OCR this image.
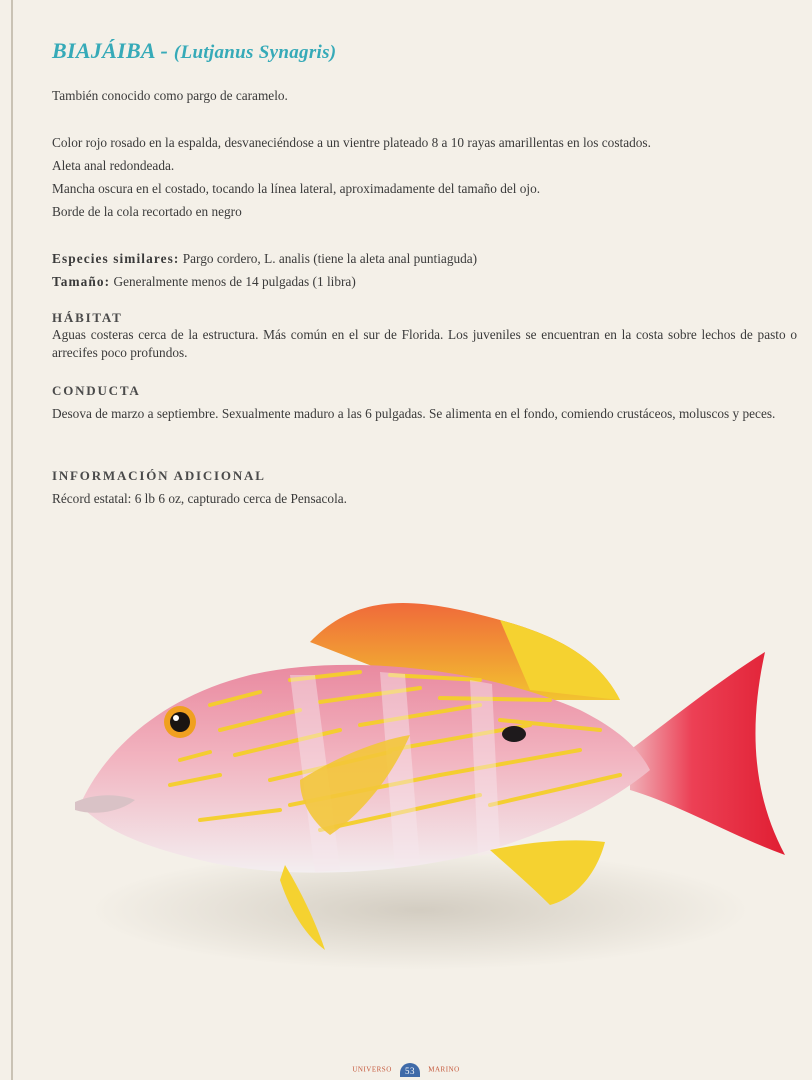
BIAJÁIBA - (Lutjanus Synagris)

También conocido como pargo de caramelo.

Color rojo rosado en la espalda, desvaneciéndose a un vientre plateado 8 a 10 rayas amarillentas en los costados.

Aleta anal redondeada.

Mancha oscura en el costado, tocando la línea lateral, aproximadamente del tamaño del ojo.

Borde de la cola recortado en negro

Especies similares: Pargo cordero, L. analis (tiene la aleta anal puntiaguda)

Tamaño: Generalmente menos de 14 pulgadas (1 libra)

HÁBITAT

Aguas costeras cerca de la estructura. Más común en el sur de Florida. Los juveniles se encuentran en la costa sobre lechos de pasto o arrecifes poco profundos.

CONDUCTA

Desova de marzo a septiembre. Sexualmente maduro a las 6 pulgadas. Se alimenta en el fondo, comiendo crustáceos, moluscos y peces.

INFORMACIÓN ADICIONAL

Récord estatal: 6 lb 6 oz, capturado cerca de Pensacola.

UNIVERSO 53 MARINO
